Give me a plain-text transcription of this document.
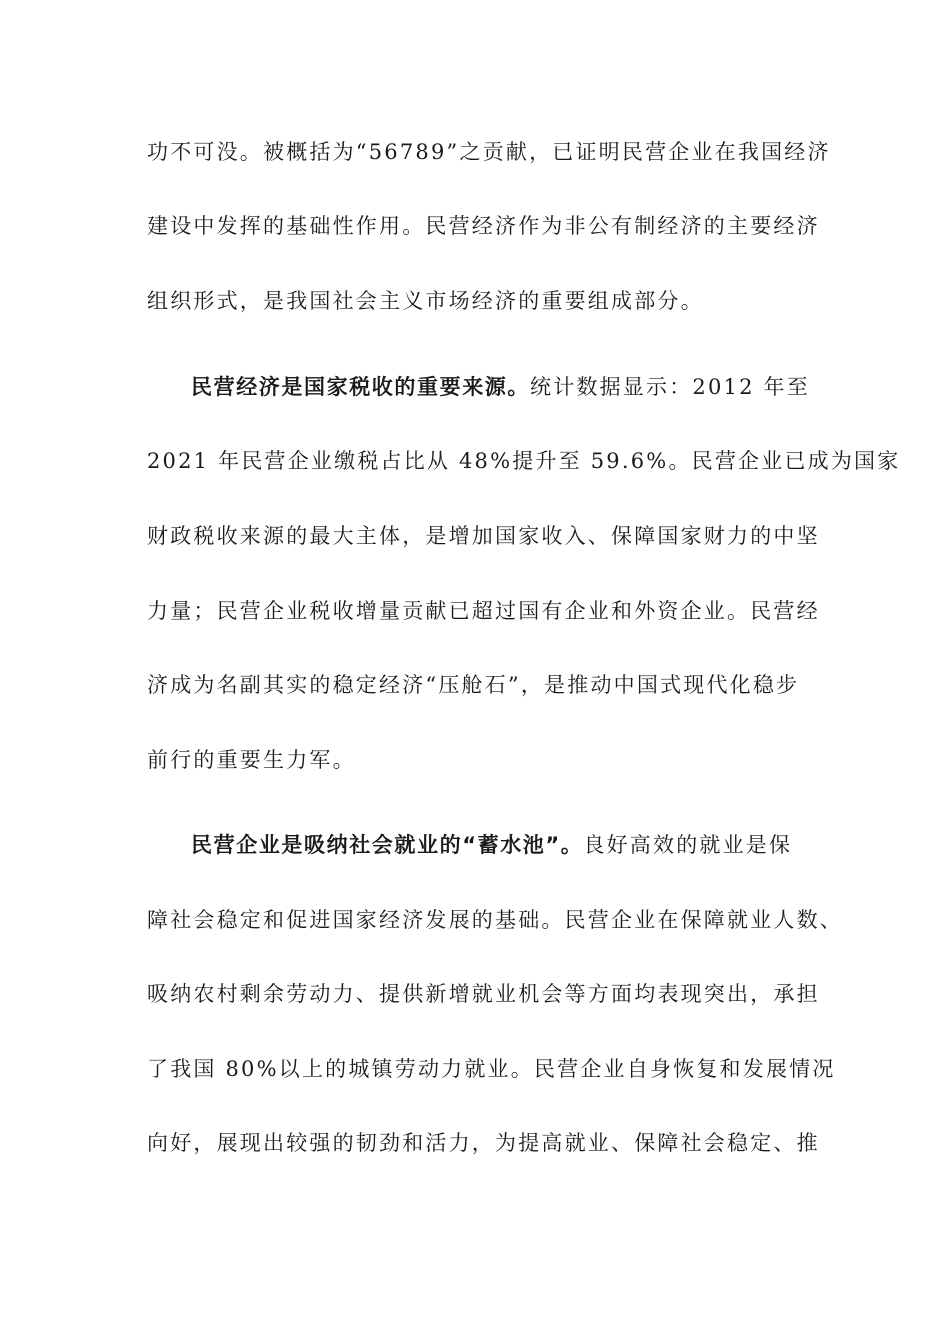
功不可没。被概括为“56789”之贡献，已证明民营企业在我国经济
建设中发挥的基础性作用。民营经济作为非公有制经济的主要经济
组织形式，是我国社会主义市场经济的重要组成部分。
民营经济是国家税收的重要来源。统计数据显示：2012 年至
2021 年民营企业缴税占比从 48%提升至 59.6%。民营企业已成为国家
财政税收来源的最大主体，是增加国家收入、保障国家财力的中坚
力量；民营企业税收增量贡献已超过国有企业和外资企业。民营经
济成为名副其实的稳定经济“压舱石”，是推动中国式现代化稳步
前行的重要生力军。
民营企业是吸纳社会就业的“蓄水池”。良好高效的就业是保
障社会稳定和促进国家经济发展的基础。民营企业在保障就业人数、
吸纳农村剩余劳动力、提供新增就业机会等方面均表现突出，承担
了我国 80%以上的城镇劳动力就业。民营企业自身恢复和发展情况
向好，展现出较强的韧劲和活力，为提高就业、保障社会稳定、推
